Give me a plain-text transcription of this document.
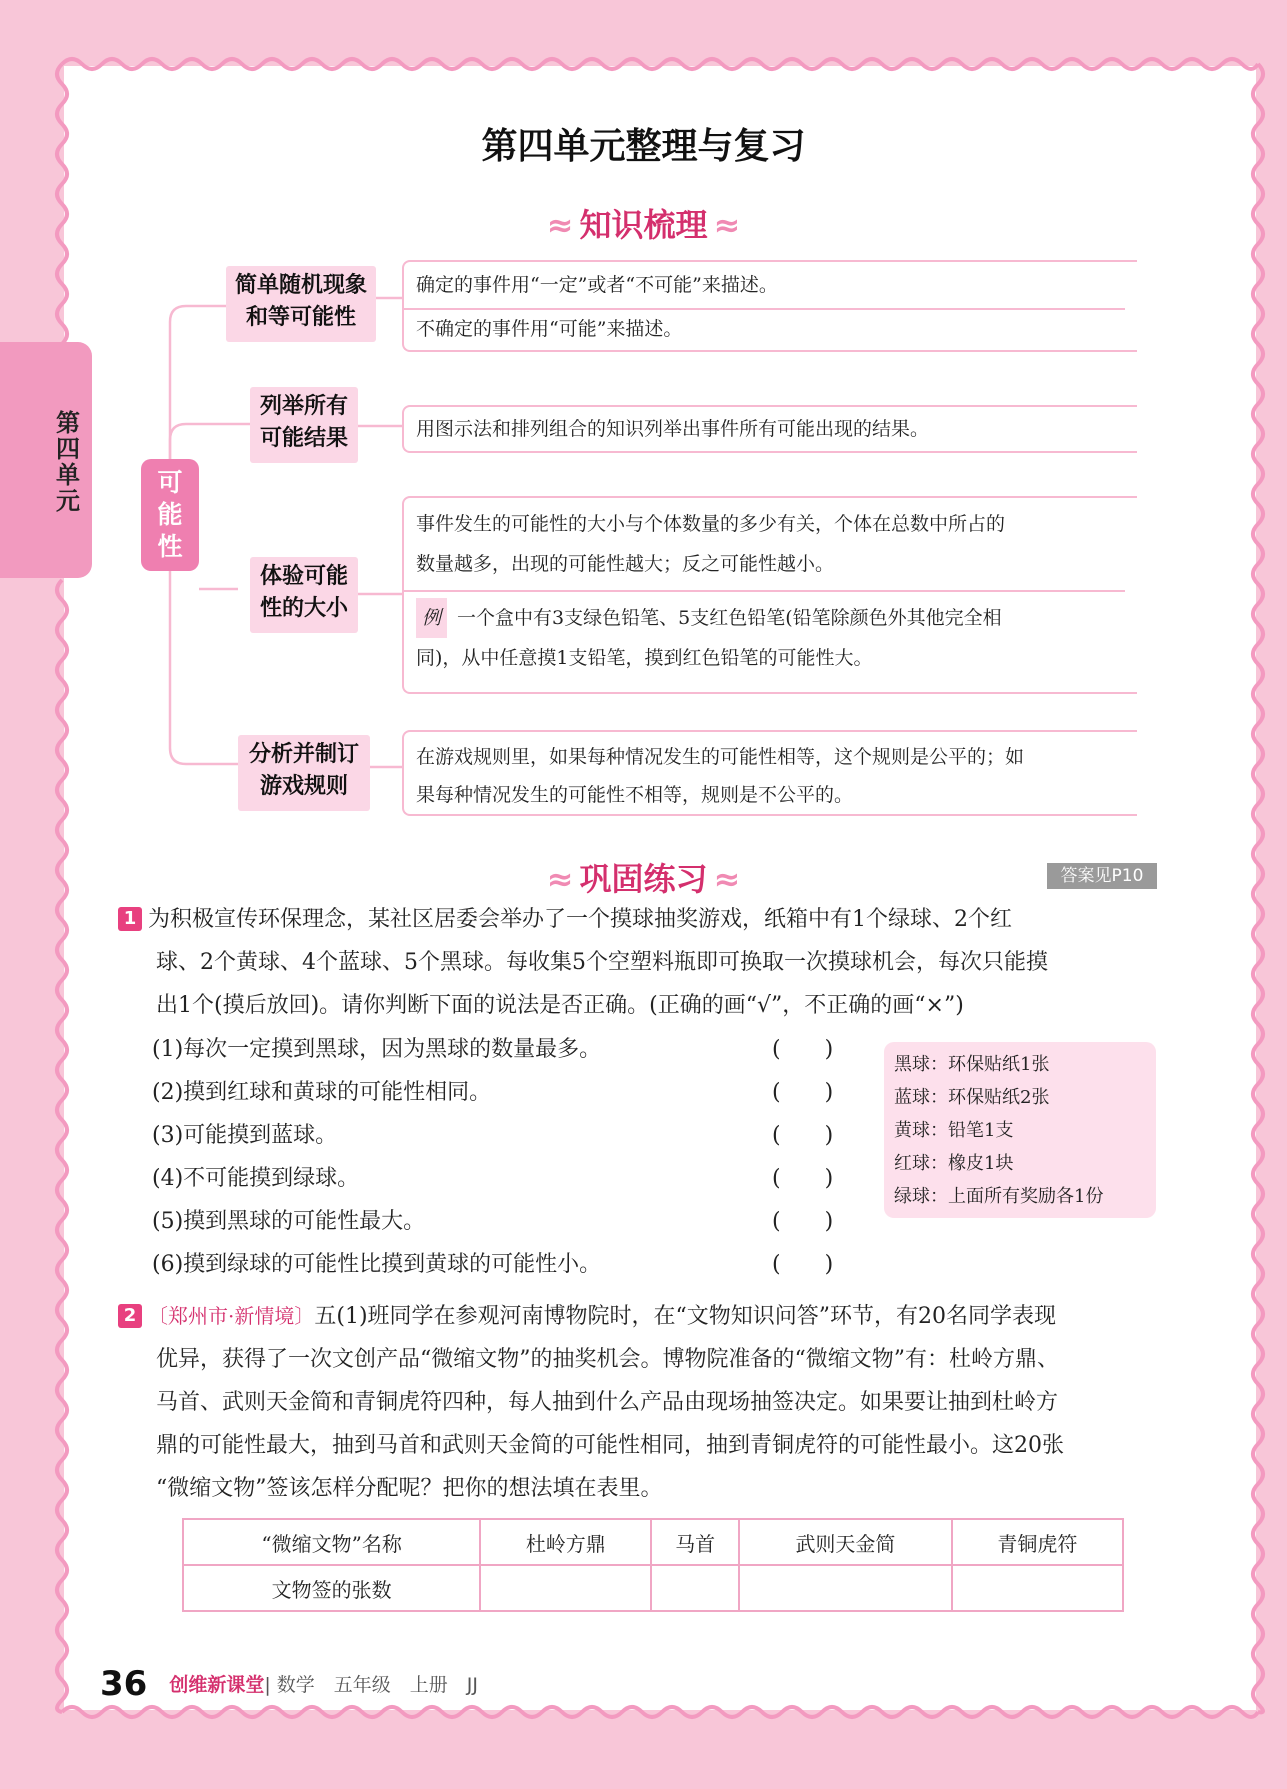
第四单元
第四单元整理与复习
≈ 知识梳理 ≈
可能性
简单随机现象
和等可能性
列举所有
可能结果
体验可能
性的大小
分析并制订
游戏规则

确定的事件用“一定”或者“不可能”来描述。

不确定的事件用“可能”来描述。

用图示法和排列组合的知识列举出事件所有可能出现的结果。

事件发生的可能性的大小与个体数量的多少有关，个体在总数中所占的

数量越多，出现的可能性越大；反之可能性越小。

例 一个盒中有3支绿色铅笔、5支红色铅笔(铅笔除颜色外其他完全相

同)，从中任意摸1支铅笔，摸到红色铅笔的可能性大。

在游戏规则里，如果每种情况发生的可能性相等，这个规则是公平的；如

果每种情况发生的可能性不相等，规则是不公平的。

≈ 巩固练习 ≈	答案见P10
1 为积极宣传环保理念，某社区居委会举办了一个摸球抽奖游戏，纸箱中有1个绿球、2个红
球、2个黄球、4个蓝球、5个黑球。每收集5个空塑料瓶即可换取一次摸球机会，每次只能摸
出1个(摸后放回)。请你判断下面的说法是否正确。(正确的画“√”，不正确的画“×”)
(1)每次一定摸到黑球，因为黑球的数量最多。	(　　)
(2)摸到红球和黄球的可能性相同。	(　　)
(3)可能摸到蓝球。	(　　)
(4)不可能摸到绿球。	(　　)
(5)摸到黑球的可能性最大。	(　　)
(6)摸到绿球的可能性比摸到黄球的可能性小。	(　　)

黑球：环保贴纸1张

蓝球：环保贴纸2张

黄球：铅笔1支

红球：橡皮1块

绿球：上面所有奖励各1份

2 〔郑州市·新情境〕五(1)班同学在参观河南博物院时，在“文物知识问答”环节，有20名同学表现
优异，获得了一次文创产品“微缩文物”的抽奖机会。博物院准备的“微缩文物”有：杜岭方鼎、
马首、武则天金简和青铜虎符四种，每人抽到什么产品由现场抽签决定。如果要让抽到杜岭方
鼎的可能性最大，抽到马首和武则天金简的可能性相同，抽到青铜虎符的可能性最小。这20张
“微缩文物”签该怎样分配呢？把你的想法填在表里。
“微缩文物”名称	杜岭方鼎	马首	武则天金简	青铜虎符
文物签的张数				
36 创维新课堂| 数学　五年级　上册　JJ
